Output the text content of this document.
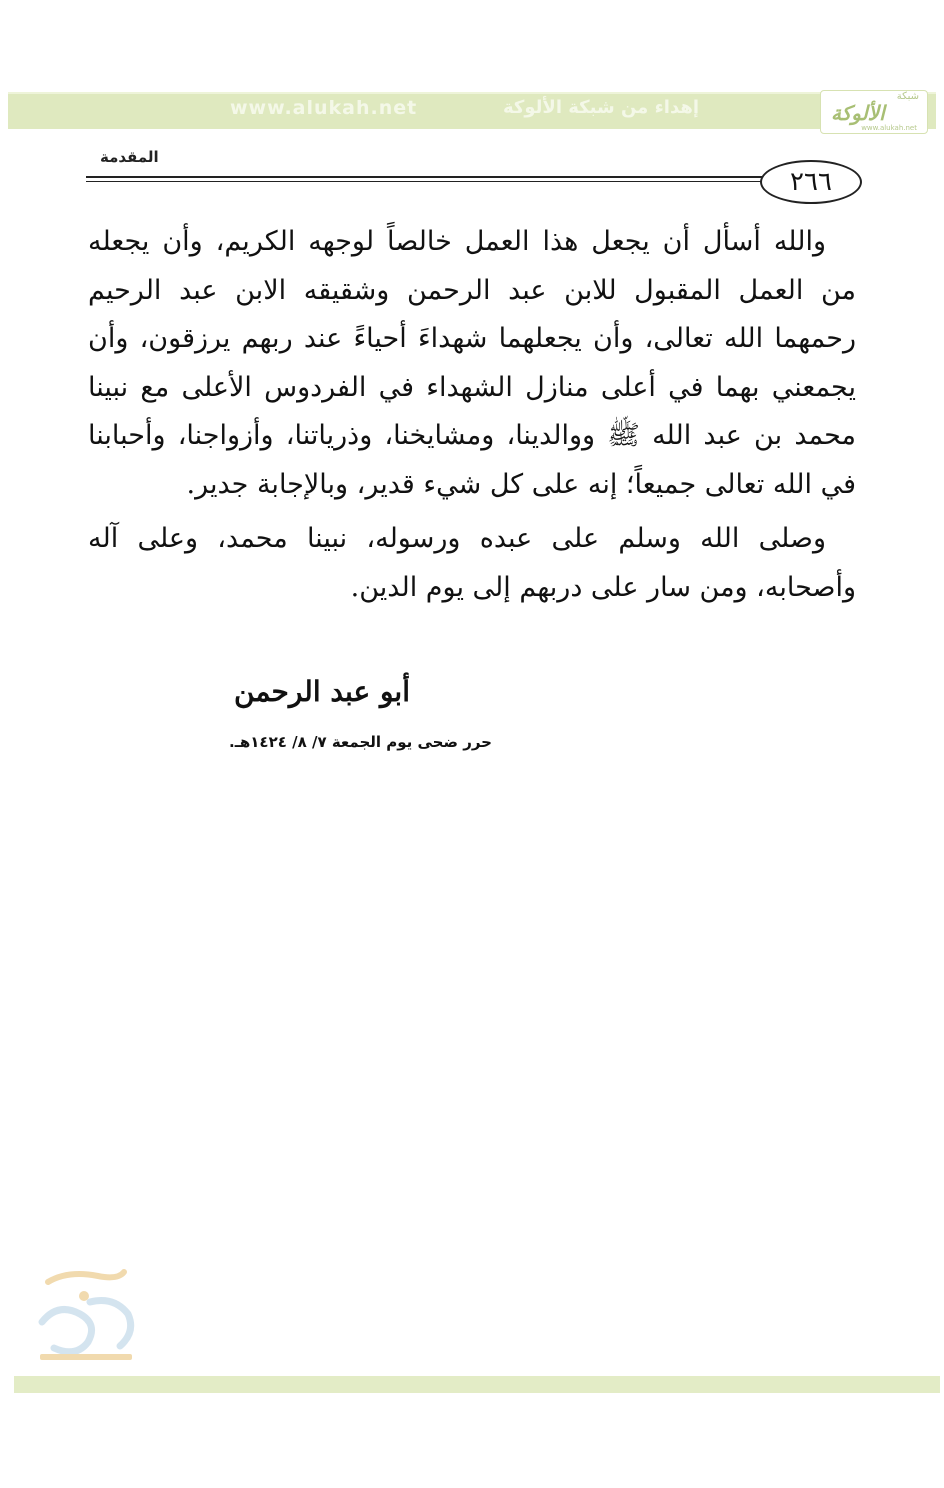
www.alukah.net	إهداء من شبكة الألوكة
شبكة
الألوكة
www.alukah.net
المقدمة
٢٦٦

والله أسأل أن يجعل هذا العمل خالصاً لوجهه الكريم، وأن يجعله من العمل المقبول للابن عبد الرحمن وشقيقه الابن عبد الرحيم رحمهما الله تعالى، وأن يجعلهما شهداءَ أحياءً عند ربهم يرزقون، وأن يجمعني بهما في أعلى منازل الشهداء في الفردوس الأعلى مع نبينا محمد بن عبد الله ﷺ ووالدينا، ومشايخنا، وذرياتنا، وأزواجنا، وأحبابنا في الله تعالى جميعاً؛ إنه على كل شيء قدير، وبالإجابة جدير.

وصلى الله وسلم على عبده ورسوله، نبينا محمد، وعلى آله وأصحابه، ومن سار على دربهم إلى يوم الدين.

أبو عبد الرحمن
حرر ضحى يوم الجمعة ٧/ ٨/ ١٤٢٤هـ.
